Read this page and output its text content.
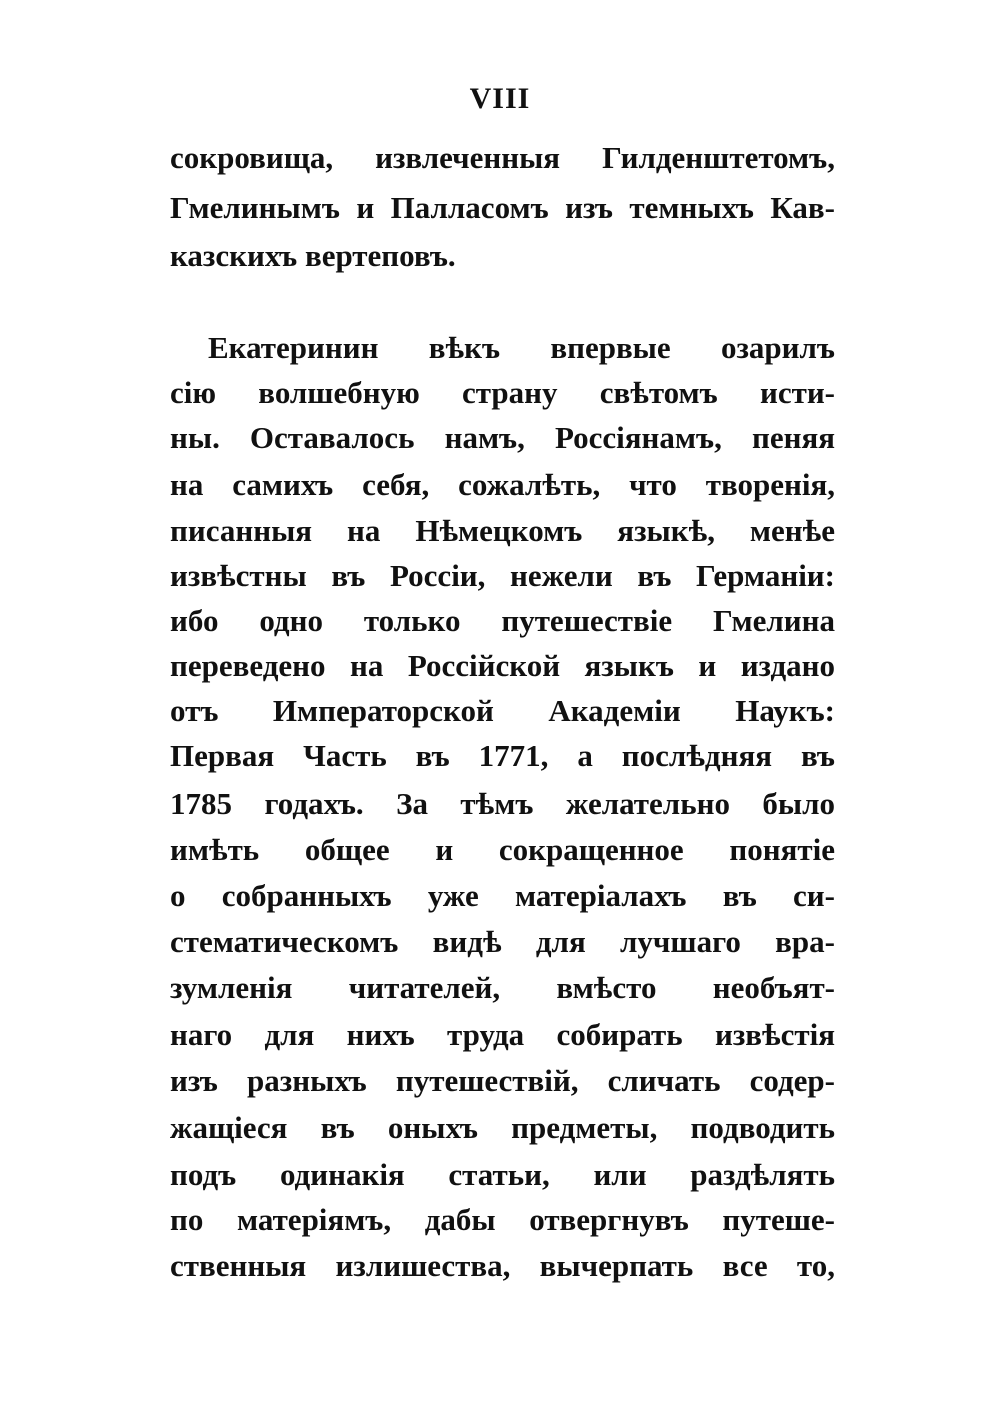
VIII
сокровища, извлеченныя Гилденштетомъ,
Гмелинымъ и Палласомъ изъ темныхъ Кав-
казскихъ вертеповъ.
Екатеринин вѣкъ впервые озарилъ
сію волшебную страну свѣтомъ исти-
ны. Оставалось намъ, Россіянамъ, пеняя
на самихъ себя, сожалѣть, что творенія,
писанныя на Нѣмецкомъ языкѣ, менѣе
извѣстны въ Россіи, нежели въ Германіи:
ибо одно только путешествіе Гмелина
переведено на Россійской языкъ и издано
отъ Императорской Академіи Наукъ:
Первая Часть въ 1771, а послѣдняя въ
1785 годахъ. За тѣмъ желательно было
имѣть общее и сокращенное понятіе
о собранныхъ уже матеріалахъ въ си-
стематическомъ видѣ для лучшаго вра-
зумленія читателей, вмѣсто необъят-
наго для нихъ труда собирать извѣстія
изъ разныхъ путешествій, сличать содер-
жащіеся въ оныхъ предметы, подводить
подъ одинакія статьи, или раздѣлять
по матеріямъ, дабы отвергнувъ путеше-
ственныя излишества, вычерпать все то,
